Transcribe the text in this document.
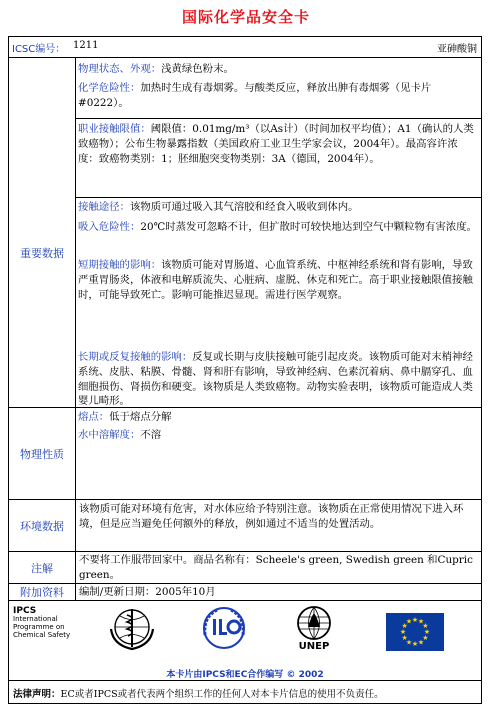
国际化学品安全卡
ICSC编号： 1211	亚砷酸铜
重要数据
物理状态、外观：浅黄绿色粉末。
化学危险性：加热时生成有毒烟雾。与酸类反应，释放出胂有毒烟雾（见卡片#0222）。
职业接触限值：阈限值：0.01mg/m³（以As计）（时间加权平均值）；A1（确认的人类致癌物）；公布生物暴露指数（美国政府工业卫生学家会议，2004年）。最高容许浓度：致癌物类别：1；胚细胞突变物类别：3A（德国，2004年）。
接触途径：该物质可通过吸入其气溶胶和经食入吸收到体内。
吸入危险性：20℃时蒸发可忽略不计，但扩散时可较快地达到空气中颗粒物有害浓度。
短期接触的影响：该物质可能对胃肠道、心血管系统、中枢神经系统和肾有影响，导致严重胃肠炎，体液和电解质流失、心脏病、虚脱、休克和死亡。高于职业接触限值接触时，可能导致死亡。影响可能推迟显现。需进行医学观察。
长期或反复接触的影响：反复或长期与皮肤接触可能引起皮炎。该物质可能对末梢神经系统、皮肤、粘膜、骨髓、肾和肝有影响，导致神经病、色素沉着病、鼻中膈穿孔、血细胞损伤、肾损伤和硬变。该物质是人类致癌物。动物实验表明，该物质可能造成人类婴儿畸形。
物理性质
熔点：低于熔点分解
水中溶解度：不溶
环境数据
该物质可能对环境有危害，对水体应给予特别注意。该物质在正常使用情况下进入环境，但是应当避免任何额外的释放，例如通过不适当的处置活动。
注解
不要将工作服带回家中。商品名称有：Scheele's green, Swedish green 和Cupric green。
附加资料	编制/更新日期：2005年10月
IPCS
International
Programme on
Chemical Safety
UNEP
★ ★
★
★
★
★
★
★
★
★
★
★
本卡片由IPCS和EC合作编写 © 2002
法律声明：EC或者IPCS或者代表两个组织工作的任何人对本卡片信息的使用不负责任。
